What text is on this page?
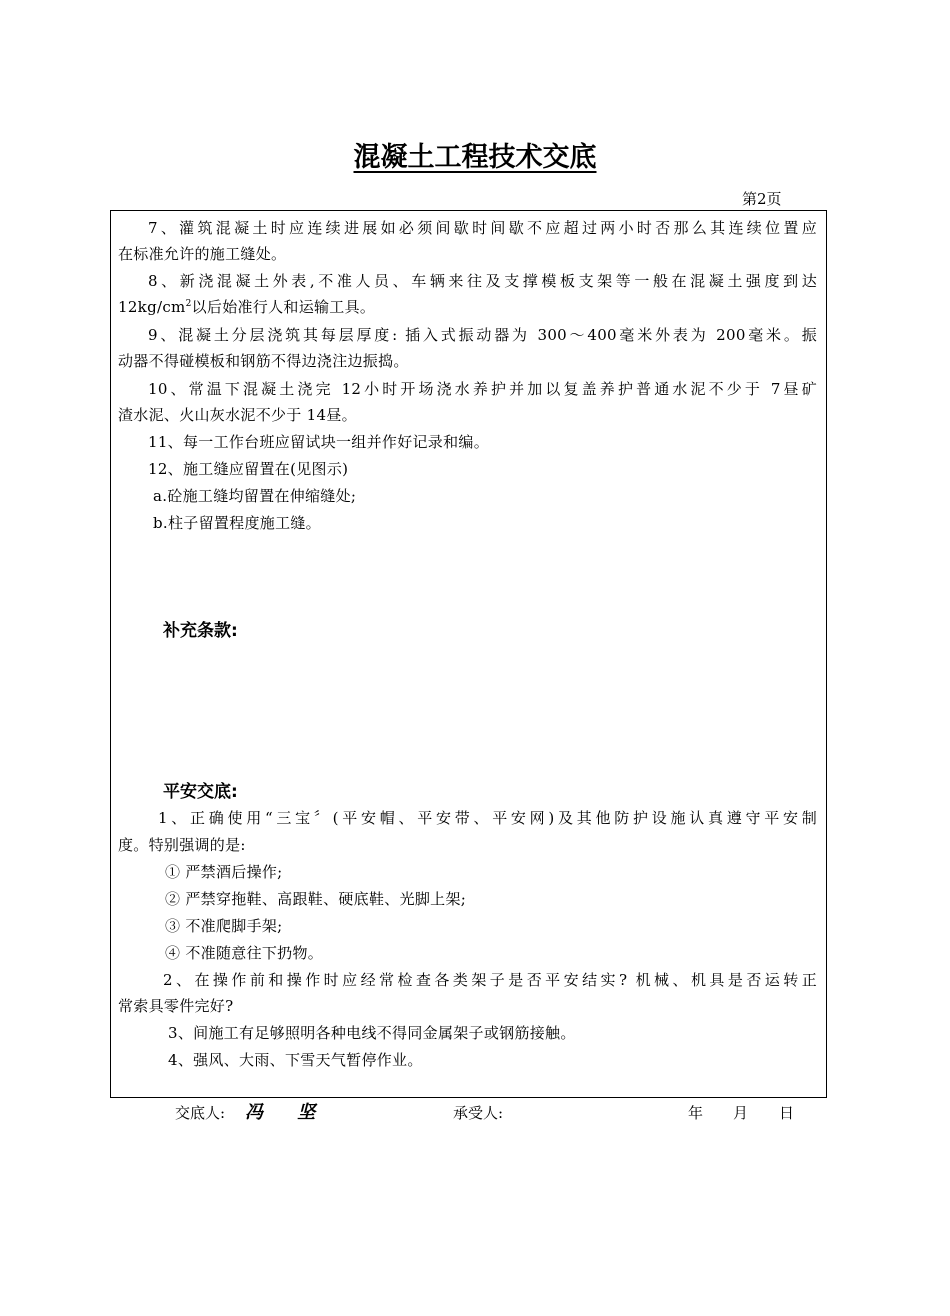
混凝土工程技术交底
第2页
7、灌筑混凝土时应连续进展如必须间歇时间歇不应超过两小时否那么其连续位置应
在标准允许的施工缝处。
8、新浇混凝土外表,不准人员、车辆来往及支撑模板支架等一般在混凝土强度到达
$12kg/cm^2$以后始准行人和运输工具。
9、混凝土分层浇筑其每层厚度: 插入式振动器为 300～400毫米外表为 200毫米。振
动器不得碰模板和钢筋不得边浇注边振捣。
10、常温下混凝土浇完 12小时开场浇水养护并加以复盖养护普通水泥不少于 7昼矿
渣水泥、火山灰水泥不少于 14昼。
11、每一工作台班应留试块一组并作好记录和编。
12、施工缝应留置在(见图示)
a.砼施工缝均留置在伸缩缝处;
b.柱子留置程度施工缝。
补充条款:
平安交底:
1、正确使用“三宝〞(平安帽、平安带、平安网)及其他防护设施认真遵守平安制
度。特别强调的是:
① 严禁酒后操作;
② 严禁穿拖鞋、高跟鞋、硬底鞋、光脚上架;
③ 不准爬脚手架;
④ 不准随意往下扔物。
2、在操作前和操作时应经常检查各类架子是否平安结实? 机械、机具是否运转正
常索具零件完好?
3、间施工有足够照明各种电线不得同金属架子或钢筋接触。
4、强风、大雨、下雪天气暂停作业。
交底人: 冯 坚	承受人:	年 月 日
